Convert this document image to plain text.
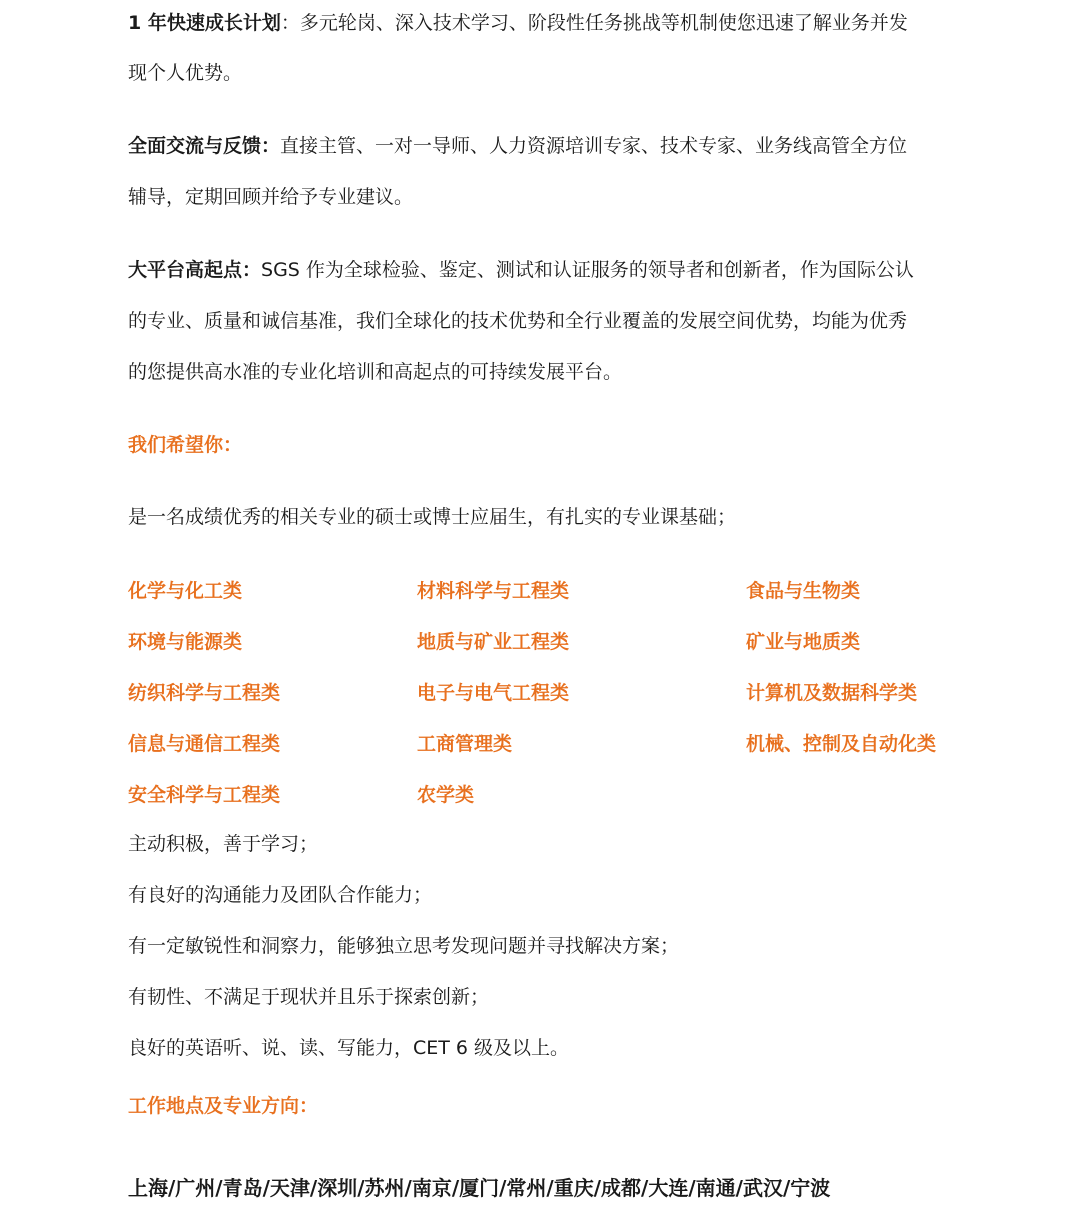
1 年快速成长计划：多元轮岗、深入技术学习、阶段性任务挑战等机制使您迅速了解业务并发

现个人优势。

全面交流与反馈：直接主管、一对一导师、人力资源培训专家、技术专家、业务线高管全方位

辅导，定期回顾并给予专业建议。

大平台高起点：SGS 作为全球检验、鉴定、测试和认证服务的领导者和创新者，作为国际公认

的专业、质量和诚信基准，我们全球化的技术优势和全行业覆盖的发展空间优势，均能为优秀

的您提供高水准的专业化培训和高起点的可持续发展平台。

我们希望你：

是一名成绩优秀的相关专业的硕士或博士应届生，有扎实的专业课基础；

化学与化工类	材料科学与工程类	食品与生物类
环境与能源类	地质与矿业工程类	矿业与地质类
纺织科学与工程类	电子与电气工程类	计算机及数据科学类
信息与通信工程类	工商管理类	机械、控制及自动化类
安全科学与工程类	农学类

主动积极，善于学习；

有良好的沟通能力及团队合作能力；

有一定敏锐性和洞察力，能够独立思考发现问题并寻找解决方案；

有韧性、不满足于现状并且乐于探索创新；

良好的英语听、说、读、写能力，CET 6 级及以上。

工作地点及专业方向：

上海/广州/青岛/天津/深圳/苏州/南京/厦门/常州/重庆/成都/大连/南通/武汉/宁波
